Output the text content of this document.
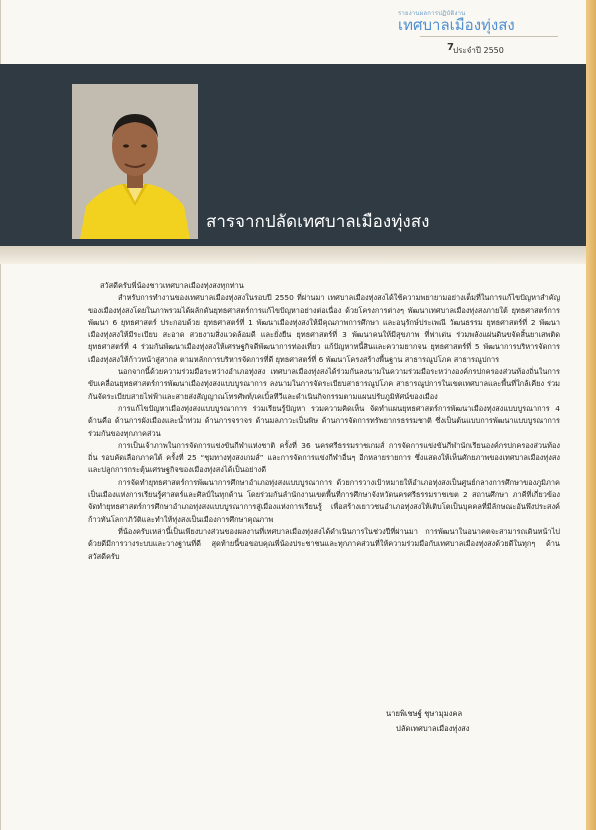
รายงานผลการปฏิบัติงาน
เทศบาลเมืองทุ่งสง
7 ประจำปี 2550
สารจากปลัดเทศบาลเมืองทุ่งสง

สวัสดีครับพี่น้องชาวเทศบาลเมืองทุ่งสงทุกท่าน

สำหรับการทำงานของเทศบาลเมืองทุ่งสงในรอบปี 2550 ที่ผ่านมา เทศบาลเมืองทุ่งสงได้ใช้ความพยายามอย่างเต็มที่ในการแก้ไขปัญหาสำคัญของเมืองทุ่งสงโดยในภาพรวมได้ผลักดันยุทธศาสตร์การแก้ไขปัญหาอย่างต่อเนื่อง ด้วยโครงการต่างๆ พัฒนาเทศบาลเมืองทุ่งสงภายใต้ ยุทธศาสตร์การพัฒนา 6 ยุทธศาสตร์ ประกอบด้วย ยุทธศาสตร์ที่ 1 พัฒนาเมืองทุ่งสงให้มีคุณภาพการศึกษา และอนุรักษ์ประเพณี วัฒนธรรม ยุทธศาสตร์ที่ 2 พัฒนาเมืองทุ่งสงให้มีระเบียบ สะอาด สวยงามสิ่งแวดล้อมดี และยั่งยืน ยุทธศาสตร์ที่ 3 พัฒนาคนให้มีสุขภาพ ที่ฟาเด่น ร่วมพลังแผ่นดินขจัดสิ้นยาเสพติด ยุทธศาสตร์ที่ 4 ร่วมกันพัฒนาเมืองทุ่งสงให้เศรษฐกิจดีพัฒนาการท่องเที่ยว แก้ปัญหาหนี้สินและความยากจน ยุทธศาสตร์ที่ 5 พัฒนาการบริหารจัดการเมืองทุ่งสงให้ก้าวหน้าสู่สากล ตามหลักการบริหารจัดการที่ดี ยุทธศาสตร์ที่ 6 พัฒนาโครงสร้างพื้นฐาน สาธารณูปโภค สาธารณูปการ

นอกจากนี้ด้วยความร่วมมือระหว่างอำเภอทุ่งสง เทศบาลเมืองทุ่งสงได้ร่วมกันลงนามในความร่วมมือระหว่างองค์กรปกครองส่วนท้องถิ่นในการขับเคลื่อนยุทธศาสตร์การพัฒนาเมืองทุ่งสงแบบบูรณาการ ลงนามในการจัดระเบียบสาธารณูปโภค สาธารณูปการในเขตเทศบาลและพื้นที่ใกล้เคียง ร่วมกันจัดระเบียบสายไฟฟ้าและสายส่งสัญญาณโทรศัพท์/เคเบิ้ลทีวีและดำเนินกิจกรรมตามแผนปรับภูมิทัศน์ของเมือง

การแก้ไขปัญหาเมืองทุ่งสงแบบบูรณาการ ร่วมเรียนรู้ปัญหา รวมความคิดเห็น จัดทำแผนยุทธศาสตร์การพัฒนาเมืองทุ่งสงแบบบูรณาการ 4 ด้านคือ ด้านการผังเมืองและน้ำท่วม ด้านการจราจร ด้านมลภาวะเป็นพิษ ด้านการจัดการทรัพยากรธรรมชาติ ซึ่งเป็นต้นแบบการพัฒนาแบบบูรณาการร่วมกันของทุกภาคส่วน

การเป็นเจ้าภาพในการจัดการแข่งขันกีฬาแห่งชาติ ครั้งที่ 36 นครศรีธรรมราชเกมส์ การจัดการแข่งขันกีฬานักเรียนองค์กรปกครองส่วนท้องถิ่น รอบคัดเลือกภาคใต้ ครั้งที่ 25 “ชุมทางทุ่งสงเกมส์” และการจัดการแข่งกีฬาอื่นๆ อีกหลายรายการ ซึ่งแสดงให้เห็นศักยภาพของเทศบาลเมืองทุ่งสงและปลูกการกระตุ้นเศรษฐกิจของเมืองทุ่งสงได้เป็นอย่างดี

การจัดทำยุทธศาสตร์การพัฒนาการศึกษาอำเภอทุ่งสงแบบบูรณาการ ด้วยการวางเป้าหมายให้อำเภอทุ่งสงเป็นศูนย์กลางการศึกษาของภูมิภาค เป็นเมืองแห่งการเรียนรู้ศาสตร์และศิลป์ในทุกด้าน โดยร่วมกันลำนักงานเขตพื้นที่การศึกษาจังหวัดนครศรีธรรมราชเขต 2 สถานศึกษา ภาคีที่เกี่ยวข้อง จัดทำยุทธศาสตร์การศึกษาอำเภอทุ่งสงแบบบูรณาการสู่เมืองแห่งการเรียนรู้ เพื่อสร้างเยาวชนอำเภอทุ่งสงให้เติบโตเป็นบุคคลที่มีลักษณะอันพึงประสงค์ก้าวทันโลกาภิวัติและทำให้ทุ่งสงเป็นเมืองการศึกษาคุณภาพ

ที่น้องครับเหล่านี้เป็นเพียงบางส่วนของผลงานที่เทศบาลเมืองทุ่งสงได้ดำเนินการในช่วงปีที่ผ่านมา การพัฒนาในอนาคตจะสามารถเดินหน้าไปด้วยดีมีการวางระบบและวางฐานที่ดี สุดท้ายนี้ขอขอบคุณพี่น้องประชาชนและทุกภาคส่วนที่ให้ความร่วมมือกับเทศบาลเมืองทุ่งสงด้วยดีในทุกๆ ด้าน สวัสดีครับ

นายพิเชษฐ์ ชุษามุมงคล
ปลัดเทศบาลเมืองทุ่งสง
